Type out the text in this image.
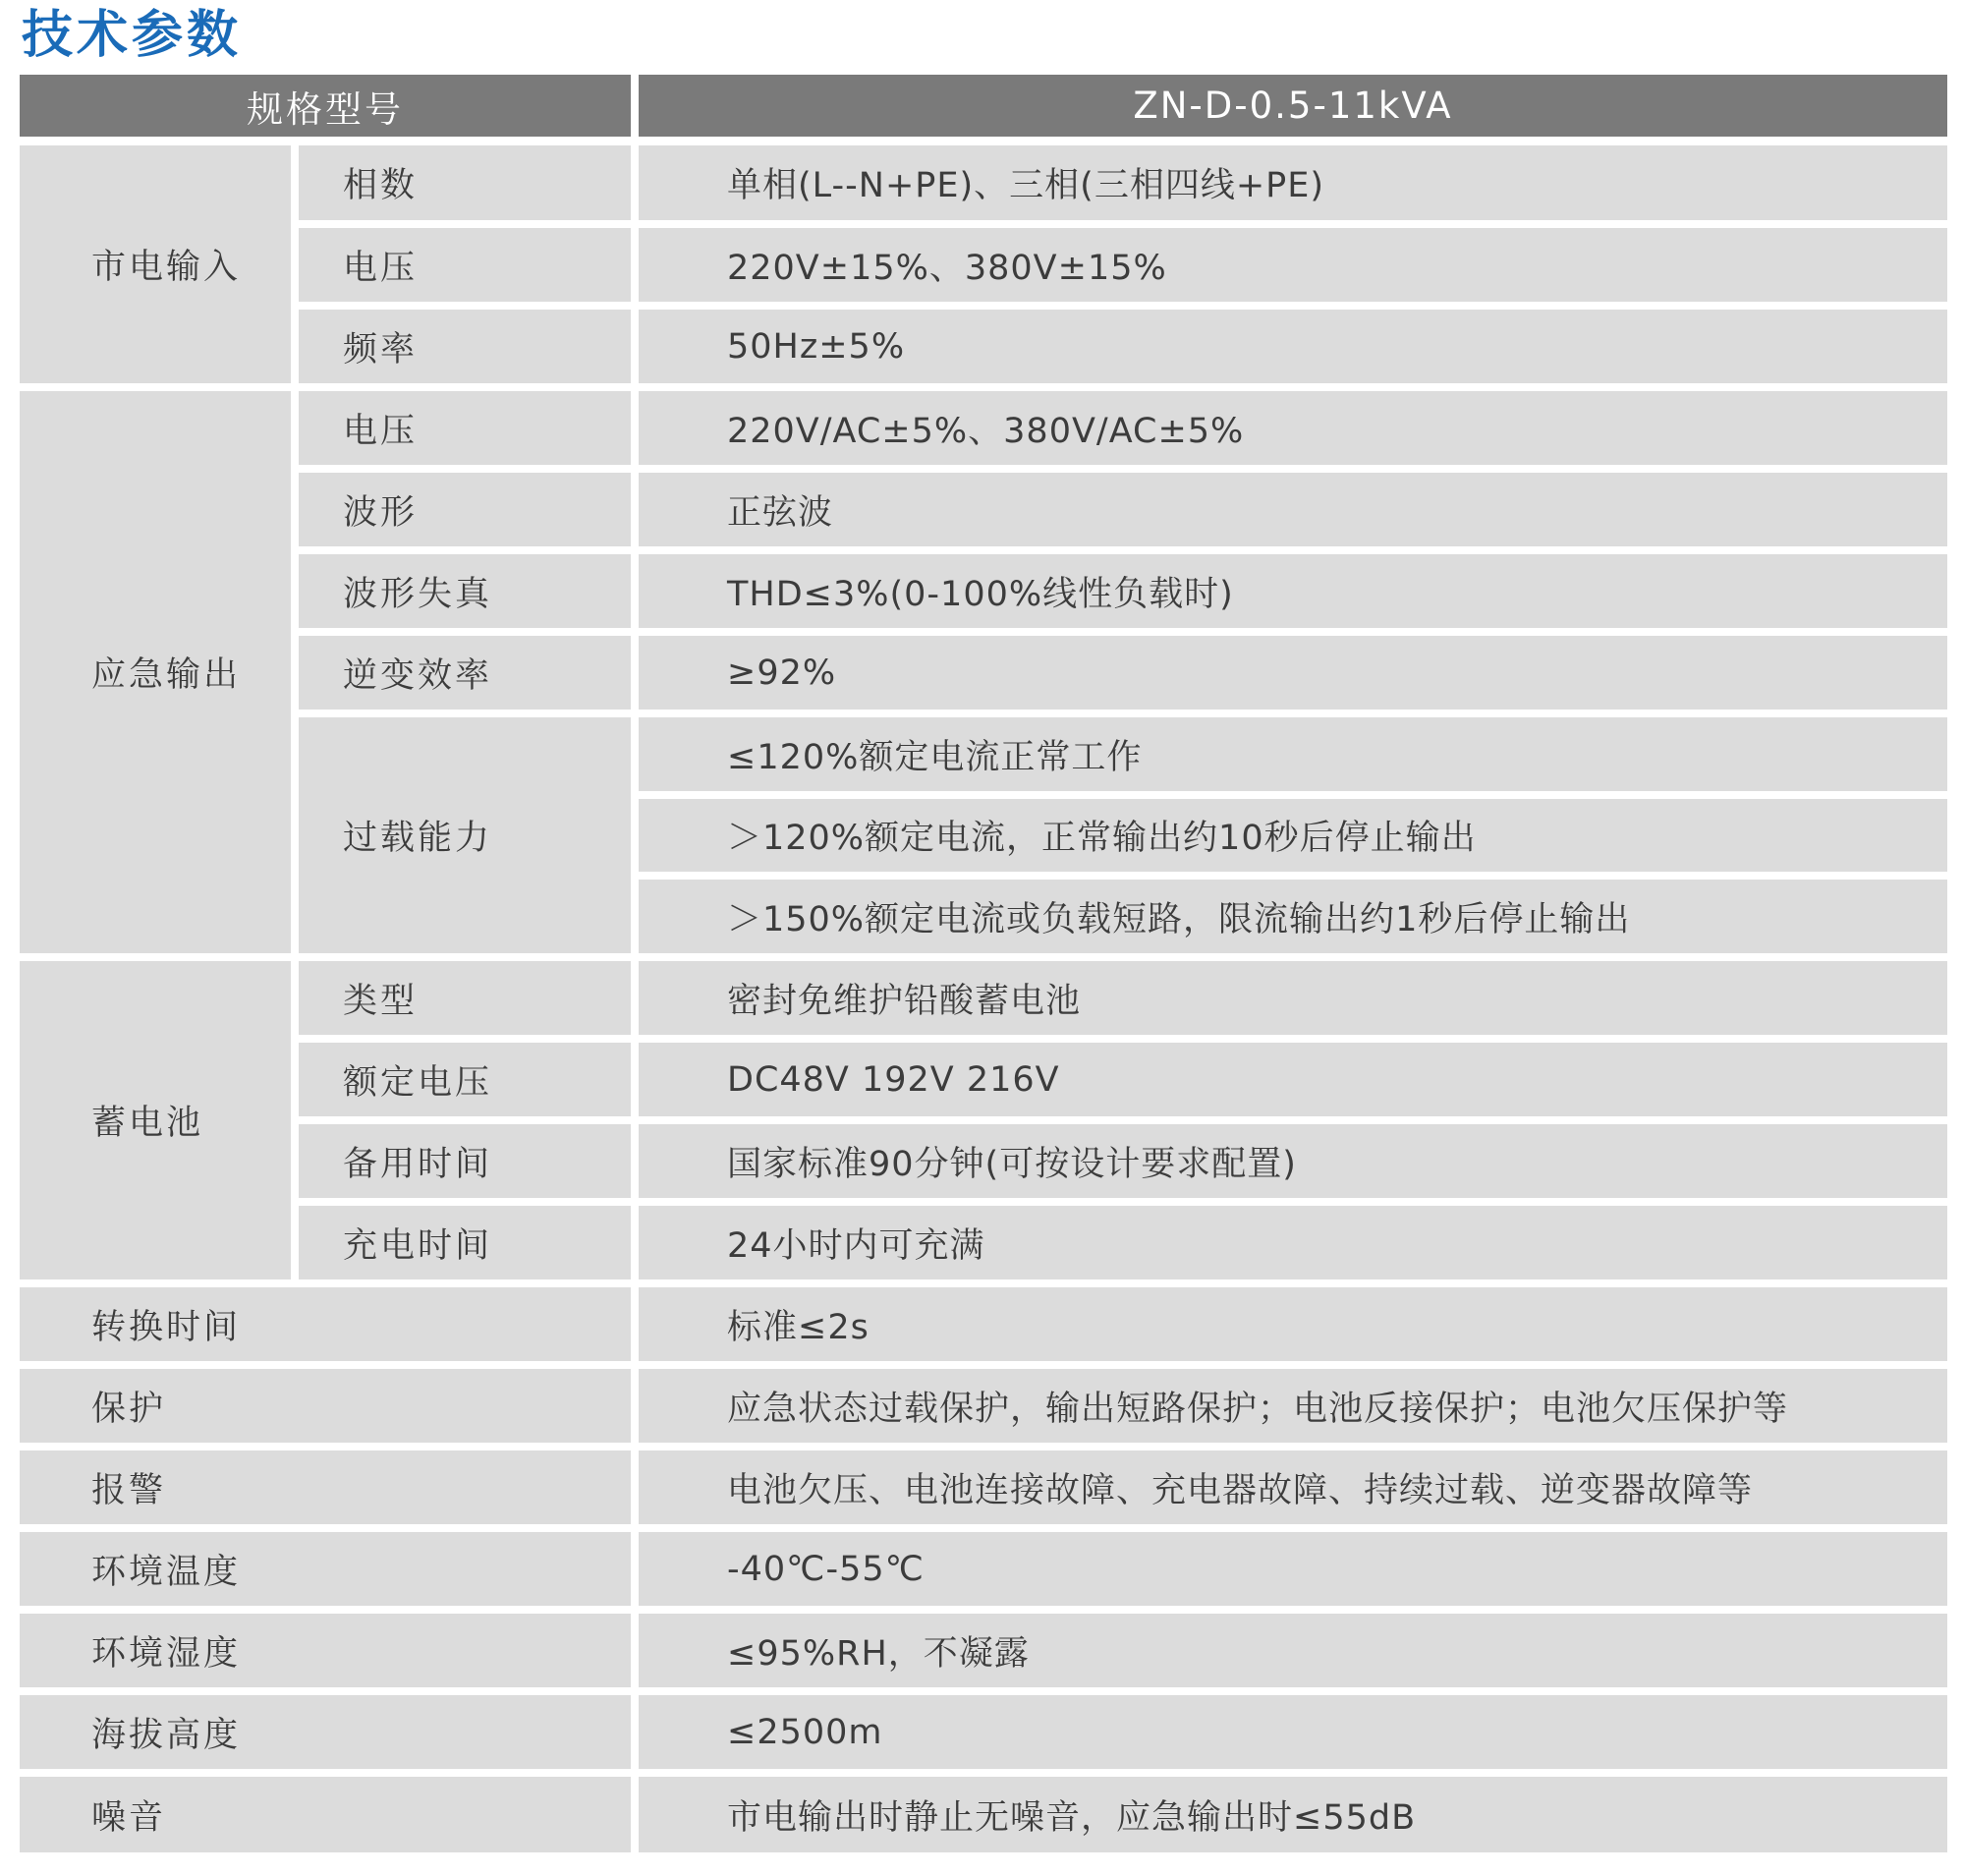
技术参数
规格型号	ZN-D-0.5-11kVA
市电输入
相数	单相(L--N+PE)、三相(三相四线+PE)
电压	220V±15%、380V±15%
频率	50Hz±5%
应急输出
电压	220V/AC±5%、380V/AC±5%
波形	正弦波
波形失真	THD≤3%(0-100%线性负载时)
逆变效率	≥92%
过载能力
≤120%额定电流正常工作
＞120%额定电流，正常输出约10秒后停止输出
＞150%额定电流或负载短路，限流输出约1秒后停止输出
蓄电池
类型	密封免维护铅酸蓄电池
额定电压	DC48V 192V 216V
备用时间	国家标准90分钟(可按设计要求配置)
充电时间	24小时内可充满
转换时间	标准≤2s
保护	应急状态过载保护，输出短路保护；电池反接保护；电池欠压保护等
报警	电池欠压、电池连接故障、充电器故障、持续过载、逆变器故障等
环境温度	-40℃-55℃
环境湿度	≤95%RH，不凝露
海拔高度	≤2500m
噪音	市电输出时静止无噪音，应急输出时≤55dB
